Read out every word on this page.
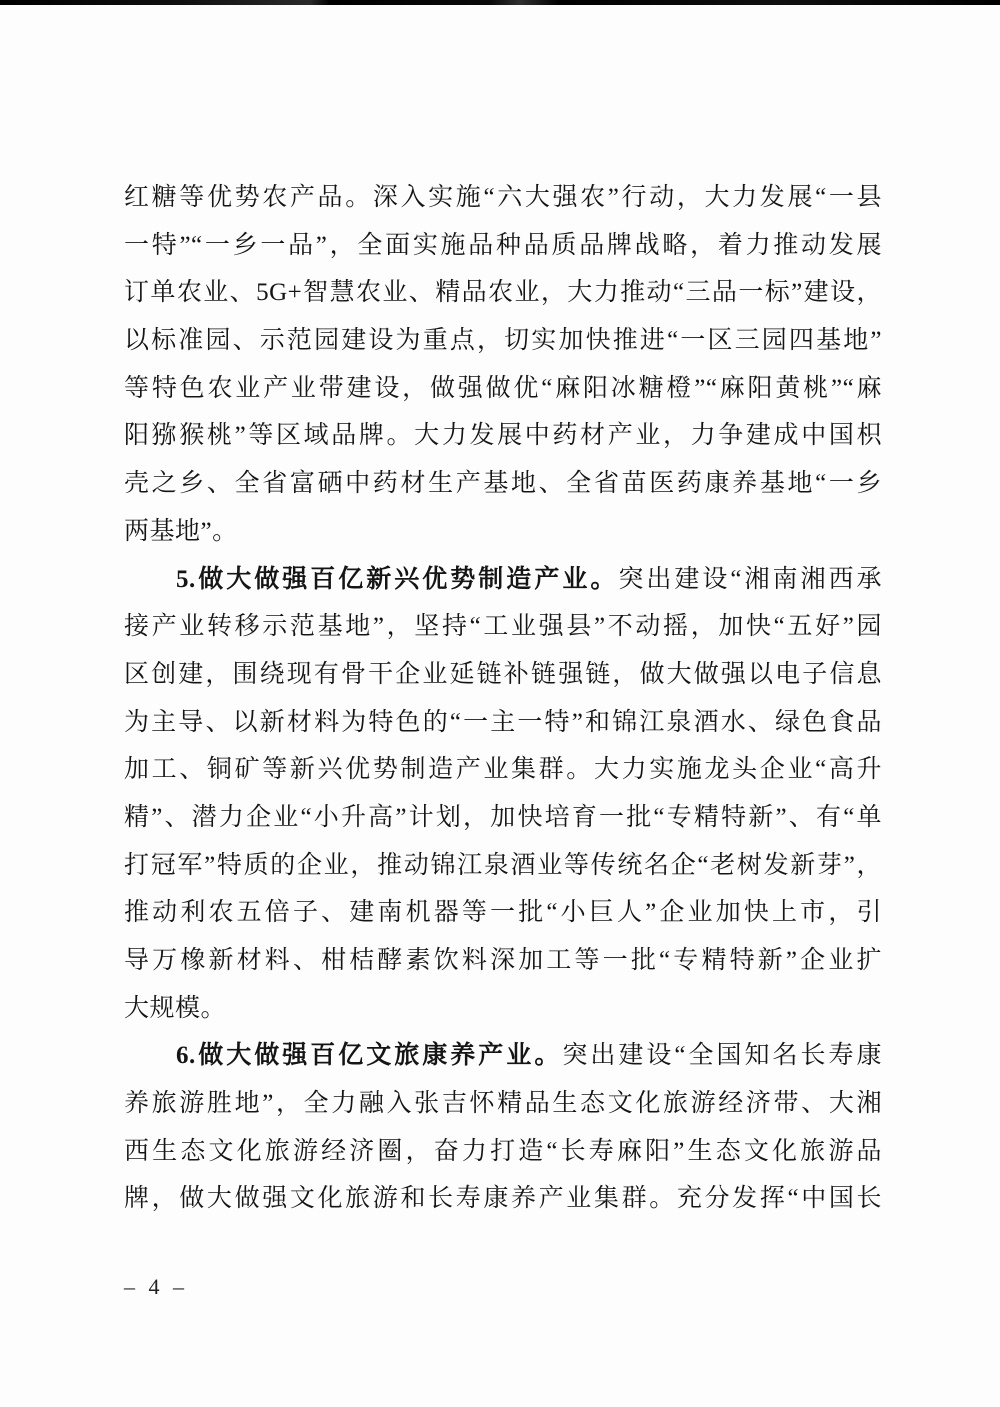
红糖等优势农产品。深入实施“六大强农”行动，大力发展“一县
一特”“一乡一品”，全面实施品种品质品牌战略，着力推动发展
订单农业、5G+智慧农业、精品农业，大力推动“三品一标”建设，
以标准园、示范园建设为重点，切实加快推进“一区三园四基地”
等特色农业产业带建设，做强做优“麻阳冰糖橙”“麻阳黄桃”“麻
阳猕猴桃”等区域品牌。大力发展中药材产业，力争建成中国枳
壳之乡、全省富硒中药材生产基地、全省苗医药康养基地“一乡
两基地”。
5.做大做强百亿新兴优势制造产业。突出建设“湘南湘西承
接产业转移示范基地”，坚持“工业强县”不动摇，加快“五好”园
区创建，围绕现有骨干企业延链补链强链，做大做强以电子信息
为主导、以新材料为特色的“一主一特”和锦江泉酒水、绿色食品
加工、铜矿等新兴优势制造产业集群。大力实施龙头企业“高升
精”、潜力企业“小升高”计划，加快培育一批“专精特新”、有“单
打冠军”特质的企业，推动锦江泉酒业等传统名企“老树发新芽”，
推动利农五倍子、建南机器等一批“小巨人”企业加快上市，引
导万橡新材料、柑桔酵素饮料深加工等一批“专精特新”企业扩
大规模。
6.做大做强百亿文旅康养产业。突出建设“全国知名长寿康
养旅游胜地”，全力融入张吉怀精品生态文化旅游经济带、大湘
西生态文化旅游经济圈，奋力打造“长寿麻阳”生态文化旅游品
牌，做大做强文化旅游和长寿康养产业集群。充分发挥“中国长
– 4 –
